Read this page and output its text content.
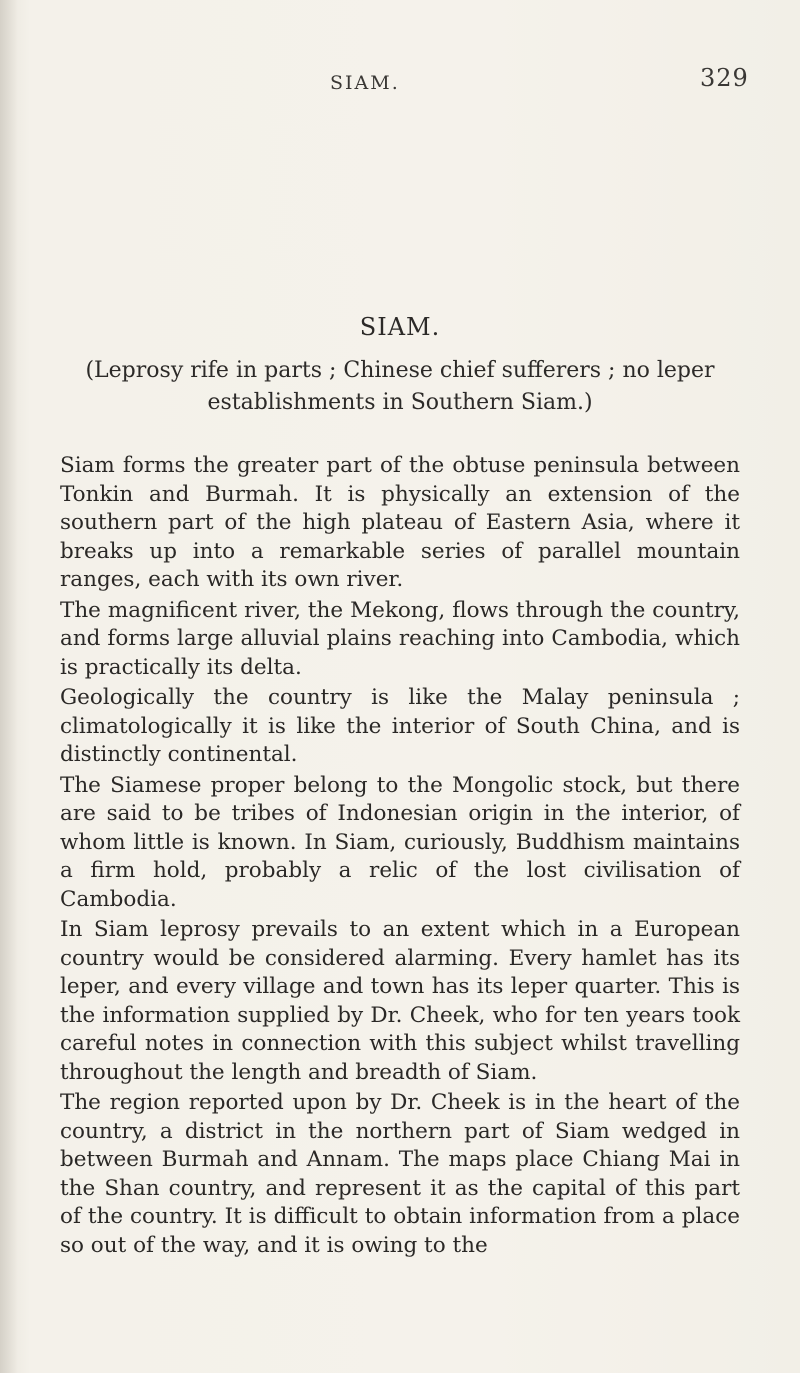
SIAM.	329
SIAM.
(Leprosy rife in parts ; Chinese chief sufferers ; no leper establishments in Southern Siam.)

Siam forms the greater part of the obtuse peninsula between Tonkin and Burmah. It is physically an extension of the southern part of the high plateau of Eastern Asia, where it breaks up into a remarkable series of parallel mountain ranges, each with its own river.

The magnificent river, the Mekong, flows through the country, and forms large alluvial plains reaching into Cambodia, which is practically its delta.

Geologically the country is like the Malay peninsula ; climatologically it is like the interior of South China, and is distinctly continental.

The Siamese proper belong to the Mongolic stock, but there are said to be tribes of Indonesian origin in the interior, of whom little is known. In Siam, curiously, Buddhism maintains a firm hold, probably a relic of the lost civilisation of Cambodia.

In Siam leprosy prevails to an extent which in a European country would be considered alarming. Every hamlet has its leper, and every village and town has its leper quarter. This is the information supplied by Dr. Cheek, who for ten years took careful notes in connection with this subject whilst travelling throughout the length and breadth of Siam.

The region reported upon by Dr. Cheek is in the heart of the country, a district in the northern part of Siam wedged in between Burmah and Annam. The maps place Chiang Mai in the Shan country, and represent it as the capital of this part of the country. It is difficult to obtain information from a place so out of the way, and it is owing to the
